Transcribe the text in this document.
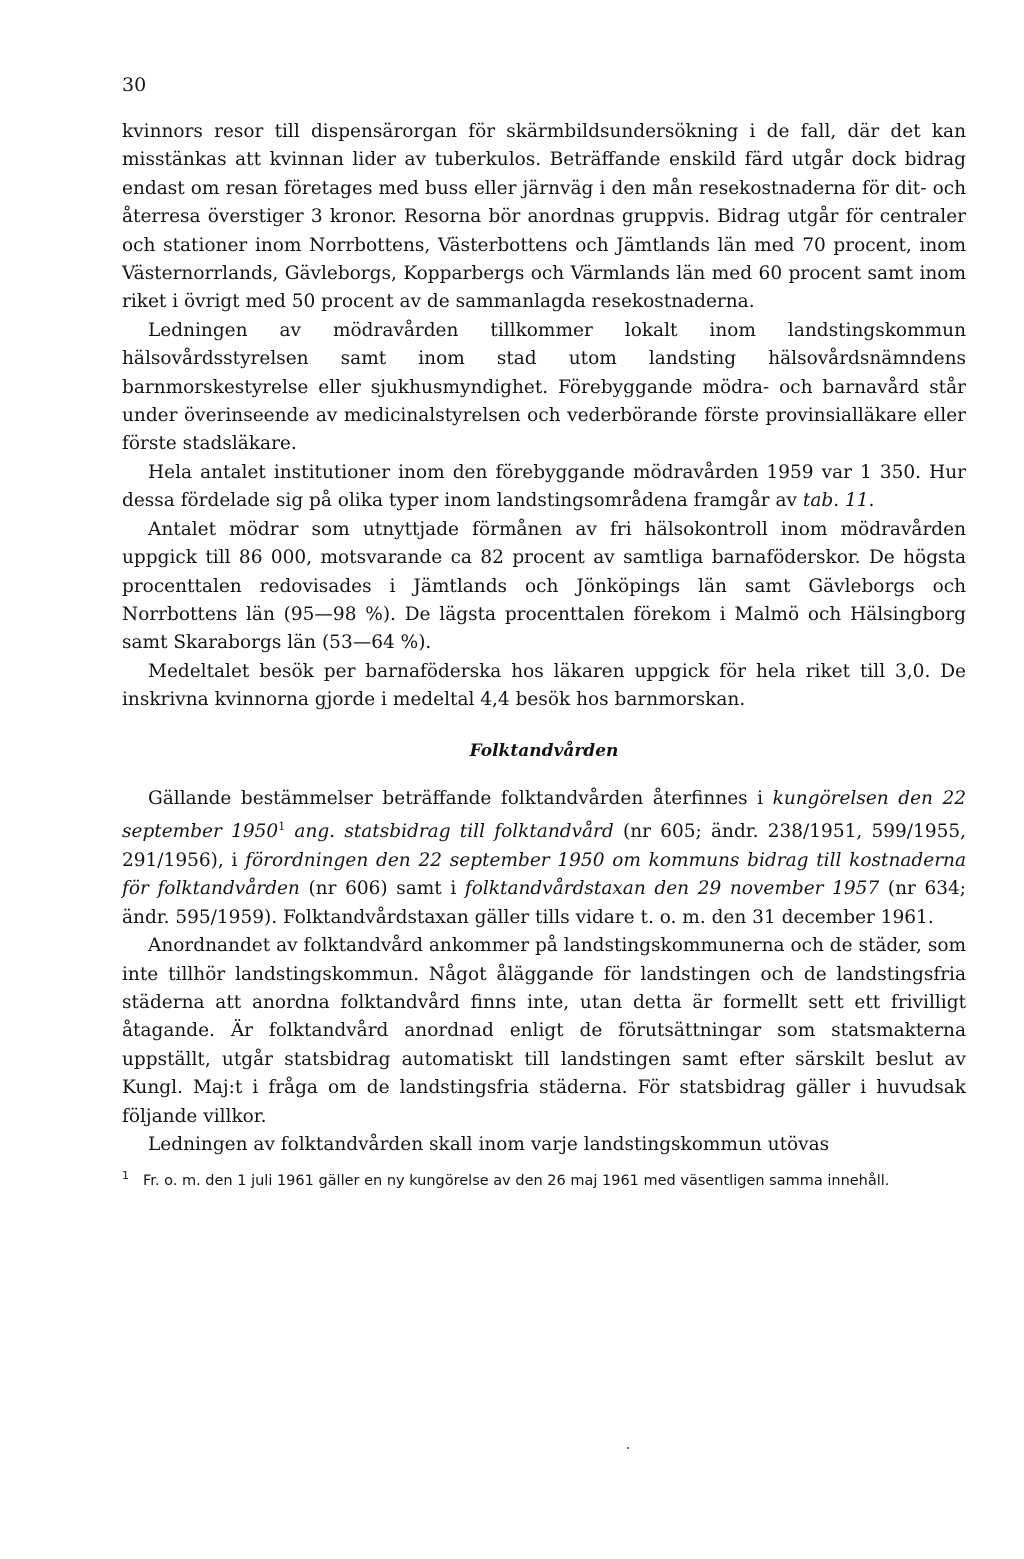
30

kvinnors resor till dispensärorgan för skärmbildsundersökning i de fall, där det kan misstänkas att kvinnan lider av tuberkulos. Beträffande enskild färd utgår dock bidrag endast om resan företages med buss eller järnväg i den mån resekostnaderna för dit- och återresa överstiger 3 kronor. Resorna bör anordnas gruppvis. Bidrag utgår för centraler och stationer inom Norrbottens, Västerbottens och Jämtlands län med 70 procent, inom Västernorrlands, Gävleborgs, Kopparbergs och Värmlands län med 60 procent samt inom riket i övrigt med 50 procent av de sammanlagda resekostnaderna.

Ledningen av mödravården tillkommer lokalt inom landstingskommun hälsovårdsstyrelsen samt inom stad utom landsting hälsovårdsnämndens barnmorskestyrelse eller sjukhusmyndighet. Förebyggande mödra- och barnavård står under överinseende av medicinalstyrelsen och vederbörande förste provinsialläkare eller förste stadsläkare.

Hela antalet institutioner inom den förebyggande mödravården 1959 var 1 350. Hur dessa fördelade sig på olika typer inom landstingsområdena framgår av tab. 11.

Antalet mödrar som utnyttjade förmånen av fri hälsokontroll inom mödravården uppgick till 86 000, motsvarande ca 82 procent av samtliga barnaföderskor. De högsta procenttalen redovisades i Jämtlands och Jönköpings län samt Gävleborgs och Norrbottens län (95—98 %). De lägsta procenttalen förekom i Malmö och Hälsingborg samt Skaraborgs län (53—64 %).

Medeltalet besök per barnaföderska hos läkaren uppgick för hela riket till 3,0. De inskrivna kvinnorna gjorde i medeltal 4,4 besök hos barnmorskan.

Folktandvården

Gällande bestämmelser beträffande folktandvården återfinnes i kungörelsen den 22 september 1950$^1$ ang. statsbidrag till folktandvård (nr 605; ändr. 238/1951, 599/1955, 291/1956), i förordningen den 22 september 1950 om kommuns bidrag till kostnaderna för folktandvården (nr 606) samt i folktandvårdstaxan den 29 november 1957 (nr 634; ändr. 595/1959). Folktandvårdstaxan gäller tills vidare t. o. m. den 31 december 1961.

Anordnandet av folktandvård ankommer på landstingskommunerna och de städer, som inte tillhör landstingskommun. Något åläggande för landstingen och de landstingsfria städerna att anordna folktandvård finns inte, utan detta är formellt sett ett frivilligt åtagande. Är folktandvård anordnad enligt de förutsättningar som statsmakterna uppställt, utgår statsbidrag automatiskt till landstingen samt efter särskilt beslut av Kungl. Maj:t i fråga om de landstingsfria städerna. För statsbidrag gäller i huvudsak följande villkor.

Ledningen av folktandvården skall inom varje landstingskommun utövas

$^1$ Fr. o. m. den 1 juli 1961 gäller en ny kungörelse av den 26 maj 1961 med väsentligen samma innehåll.
